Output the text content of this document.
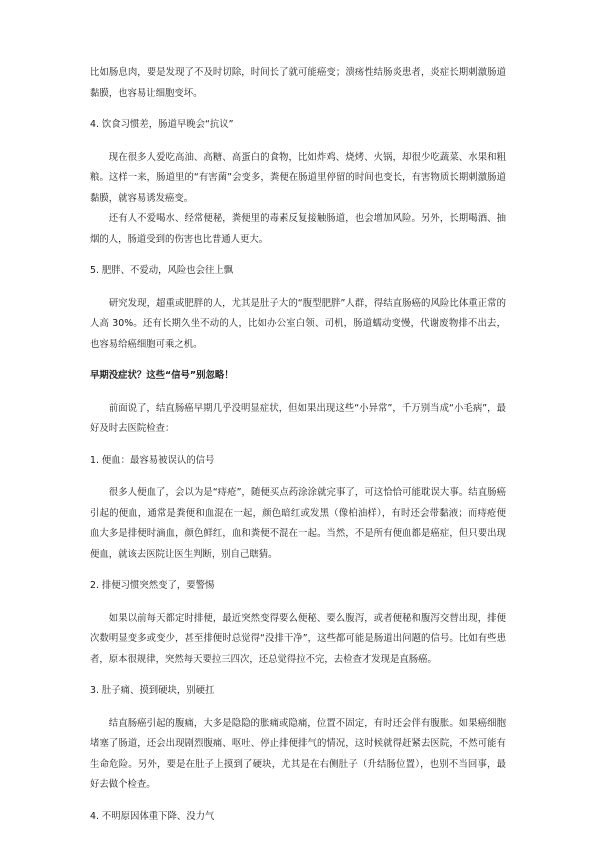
比如肠息肉，要是发现了不及时切除，时间长了就可能癌变；溃疡性结肠炎患者，炎症长期刺激肠道黏膜，也容易让细胞变坏。

4. 饮食习惯差，肠道早晚会“抗议”

现在很多人爱吃高油、高糖、高蛋白的食物，比如炸鸡、烧烤、火锅，却很少吃蔬菜、水果和粗粮。这样一来，肠道里的“有害菌”会变多，粪便在肠道里停留的时间也变长，有害物质长期刺激肠道黏膜，就容易诱发癌变。

还有人不爱喝水、经常便秘，粪便里的毒素反复接触肠道，也会增加风险。另外，长期喝酒、抽烟的人，肠道受到的伤害也比普通人更大。

5. 肥胖、不爱动，风险也会往上飘

研究发现，超重或肥胖的人，尤其是肚子大的“腹型肥胖”人群，得结直肠癌的风险比体重正常的人高 30%。还有长期久坐不动的人，比如办公室白领、司机，肠道蠕动变慢，代谢废物排不出去，也容易给癌细胞可乘之机。

早期没症状？这些“信号”别忽略！

前面说了，结直肠癌早期几乎没明显症状，但如果出现这些“小异常”，千万别当成“小毛病”，最好及时去医院检查：

1. 便血：最容易被误认的信号

很多人便血了，会以为是“痔疮”，随便买点药涂涂就完事了，可这恰恰可能耽误大事。结直肠癌引起的便血，通常是粪便和血混在一起，颜色暗红或发黑（像柏油样），有时还会带黏液；而痔疮便血大多是排便时滴血，颜色鲜红，血和粪便不混在一起。当然，不是所有便血都是癌症，但只要出现便血，就该去医院让医生判断，别自己瞎猜。

2. 排便习惯突然变了，要警惕

如果以前每天都定时排便，最近突然变得要么便秘、要么腹泻，或者便秘和腹泻交替出现，排便次数明显变多或变少，甚至排便时总觉得“没排干净”，这些都可能是肠道出问题的信号。比如有些患者，原本很规律，突然每天要拉三四次，还总觉得拉不完，去检查才发现是直肠癌。

3. 肚子痛、摸到硬块，别硬扛

结直肠癌引起的腹痛，大多是隐隐的胀痛或隐痛，位置不固定，有时还会伴有腹胀。如果癌细胞堵塞了肠道，还会出现剧烈腹痛、呕吐、停止排便排气的情况，这时候就得赶紧去医院，不然可能有生命危险。另外，要是在肚子上摸到了硬块，尤其是在右侧肚子（升结肠位置），也别不当回事，最好去做个检查。

4. 不明原因体重下降、没力气
